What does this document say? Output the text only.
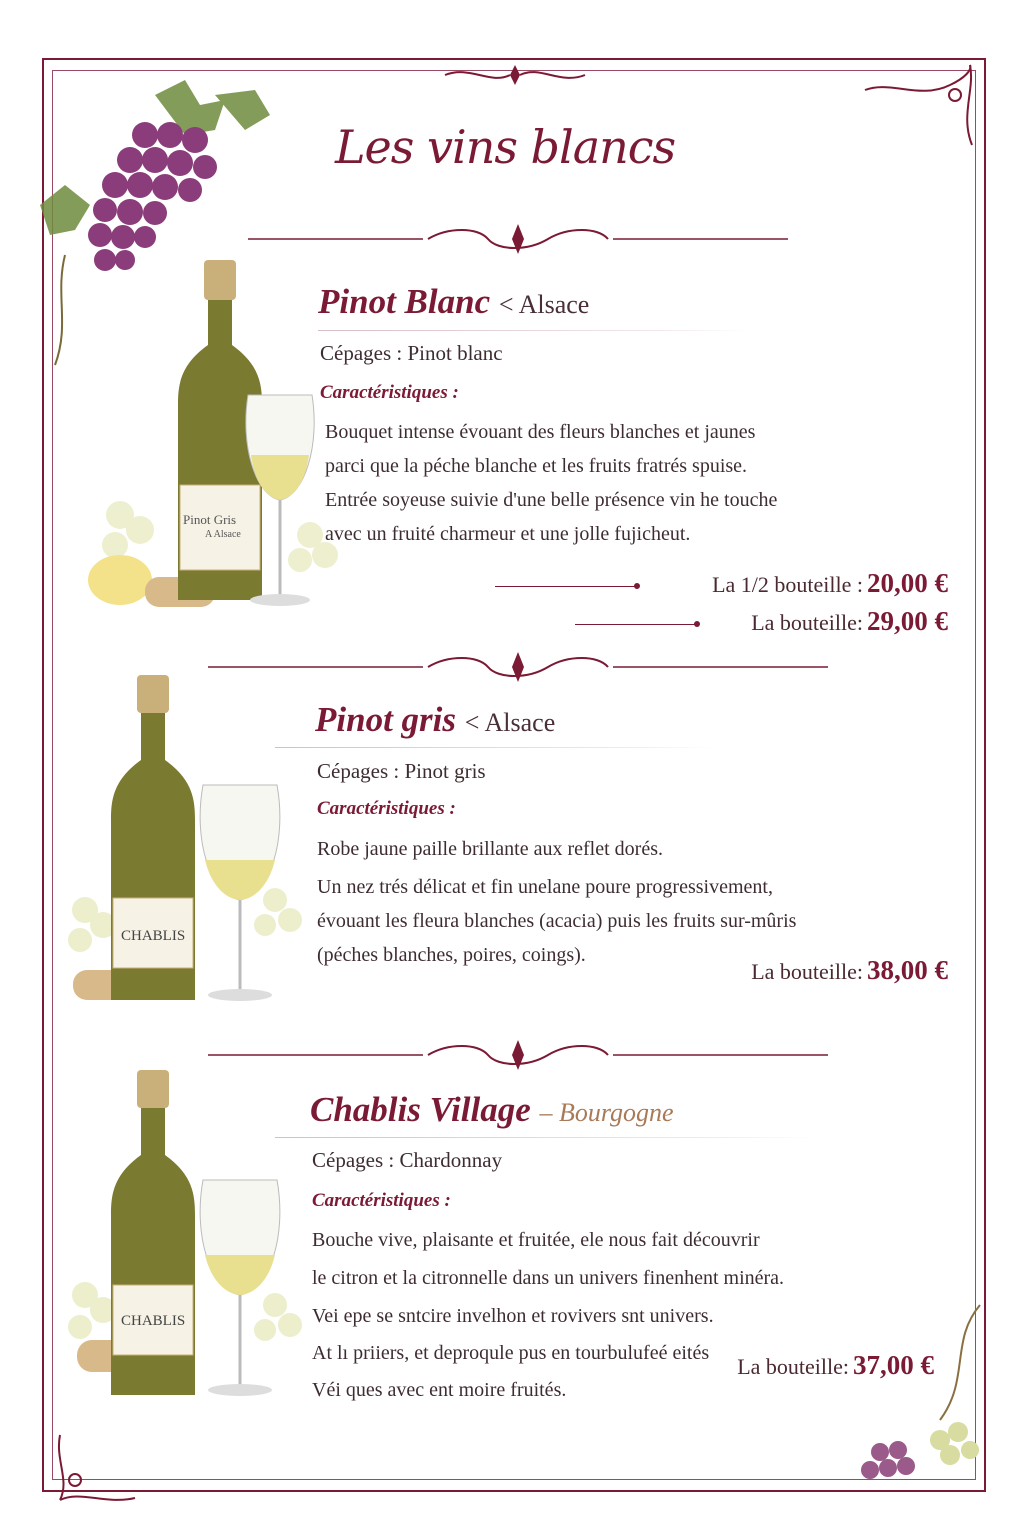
Les vins blancs
Pinot Gris
A Alsace
Pinot Blanc < Alsace
Cépages : Pinot blanc
Caractéristiques :
Bouquet intense évouant des fleurs blanches et jaunes
parci que la péche blanche et les fruits fratrés spuise.
Entrée soyeuse suivie d'une belle présence vin he touche
avec un fruité charmeur et une jolle fujicheut.
La 1/2 bouteille : 20,00 €
La bouteille: 29,00 €
CHABLIS
Pinot gris < Alsace
Cépages : Pinot gris
Caractéristiques :
Robe jaune paille brillante aux reflet dorés.
Un nez trés délicat et fin unelane poure progressivement,
évouant les fleura blanches (acacia) puis les fruits sur-mûris
(péches blanches, poires, coings).
La bouteille: 38,00 €
CHABLIS
Chablis Village – Bourgogne
Cépages : Chardonnay
Caractéristiques :
Bouche vive, plaisante et fruitée, ele nous fait découvrir
le citron et la citronnelle dans un univers finenhent minéra.
Vei epe se sntcire invelhon et rovivers snt univers.
At lı priiers, et deproqule pus en tourbulufeé eités
Véi ques avec ent moire fruités.
La bouteille: 37,00 €
